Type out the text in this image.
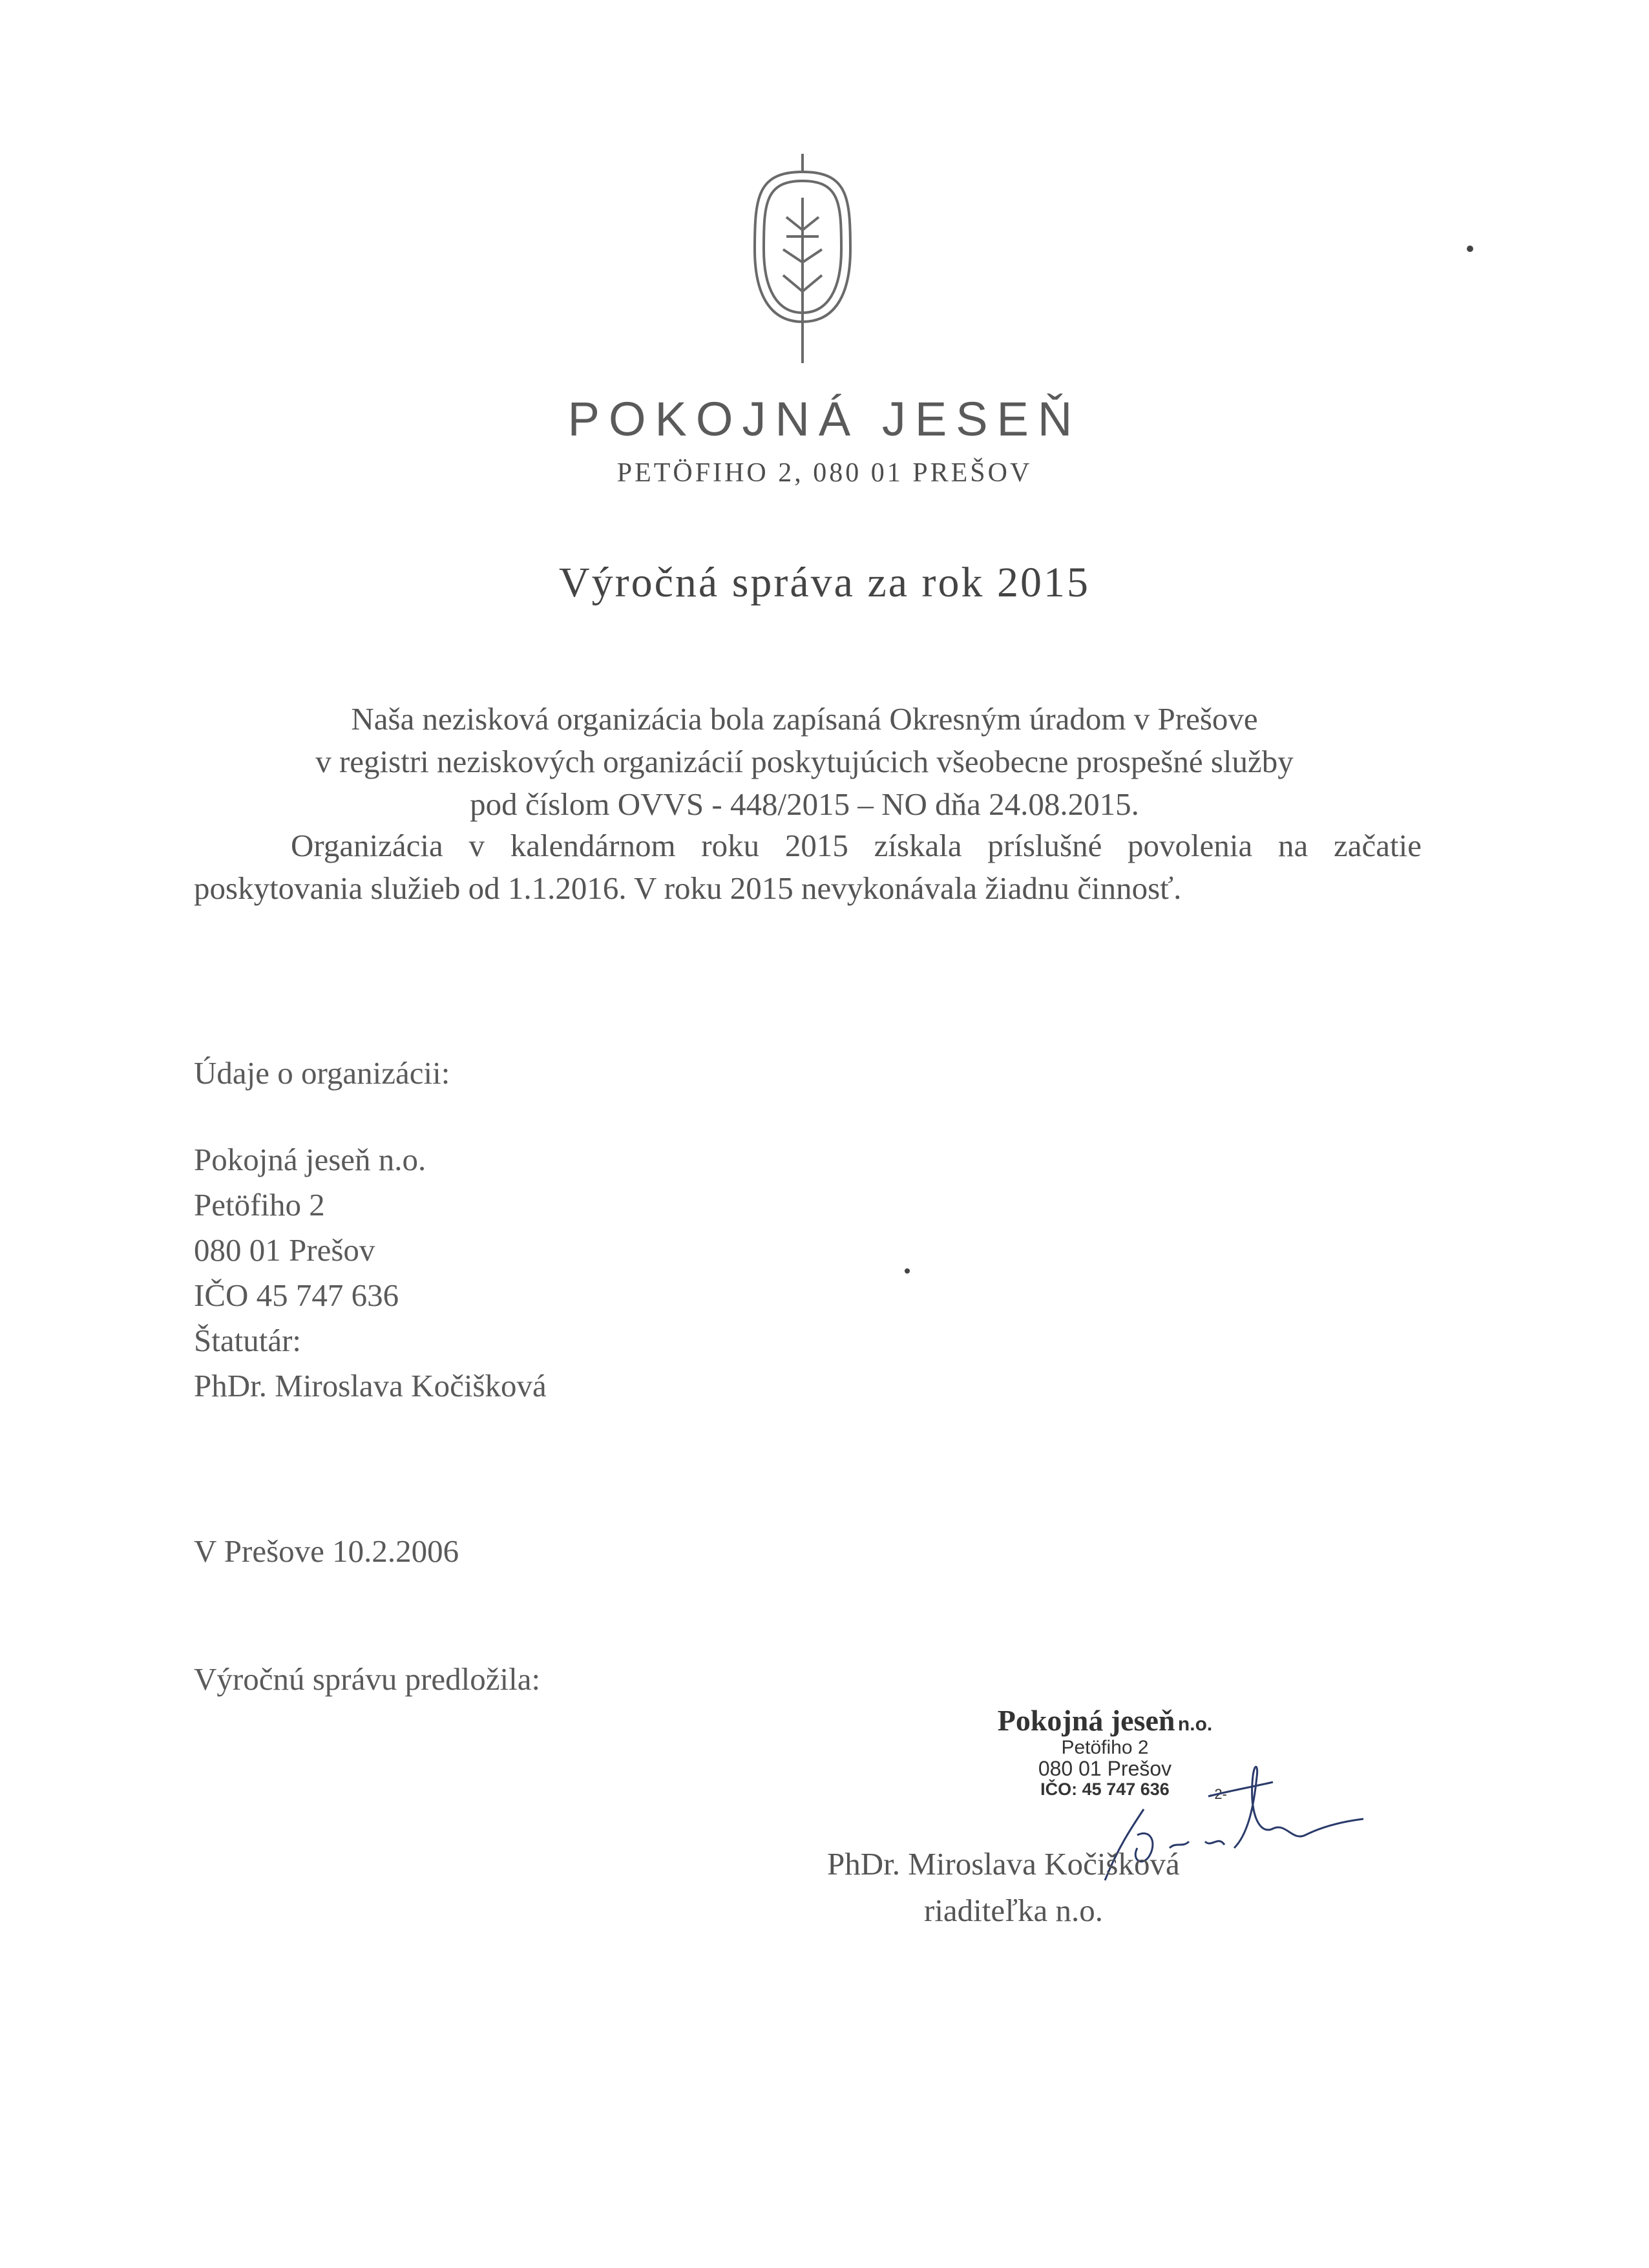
POKOJNÁ JESEŇ
PETÖFIHO 2, 080 01 PREŠOV
Výročná správa za rok 2015
Naša nezisková organizácia bola zapísaná Okresným úradom v Prešove
v registri neziskových organizácií poskytujúcich všeobecne prospešné služby
pod číslom OVVS - 448/2015 – NO dňa 24.08.2015.
Organizácia v kalendárnom roku 2015 získala príslušné povolenia na začatie poskytovania služieb od 1.1.2016. V roku 2015 nevykonávala žiadnu činnosť.
Údaje o organizácii:
Pokojná jeseň n.o.
Petöfiho 2
080 01 Prešov
IČO 45 747 636
Štatutár:
PhDr. Miroslava Kočišková
V Prešove 10.2.2006
Výročnú správu predložila:
Pokojná jeseň n.o.
Petöfiho 2
080 01 Prešov
IČO: 45 747 636	-2-
PhDr. Miroslava Kočišková
riaditeľka n.o.
